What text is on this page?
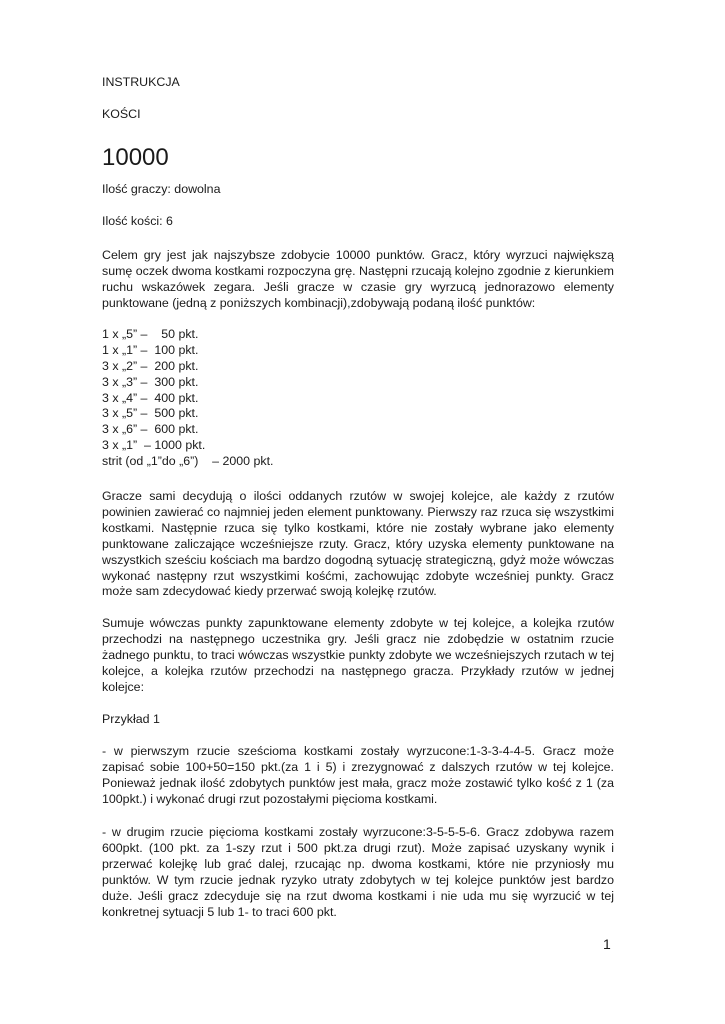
INSTRUKCJA
KOŚCI
10000
Ilość graczy: dowolna
Ilość kości: 6
Celem gry jest jak najszybsze zdobycie 10000 punktów. Gracz, który wyrzuci największą sumę oczek dwoma kostkami rozpoczyna grę. Następni rzucają kolejno zgodnie z kierunkiem ruchu wskazówek zegara. Jeśli gracze w czasie gry wyrzucą jednorazowo elementy punktowane (jedną z poniższych kombinacji),zdobywają podaną ilość punktów:
1 x „5” –    50 pkt.
1 x „1” –  100 pkt.
3 x „2” –  200 pkt.
3 x „3” –  300 pkt.
3 x „4” –  400 pkt.
3 x „5” –  500 pkt.
3 x „6” –  600 pkt.
3 x „1”  – 1000 pkt.
strit (od „1”do „6”)    – 2000 pkt.
Gracze sami decydują o ilości oddanych rzutów w swojej kolejce, ale każdy z rzutów powinien zawierać co najmniej jeden element punktowany. Pierwszy raz rzuca się wszystkimi kostkami. Następnie rzuca się tylko kostkami, które nie zostały wybrane jako elementy punktowane zaliczające wcześniejsze rzuty. Gracz, który uzyska elementy punktowane na wszystkich sześciu kościach ma bardzo dogodną sytuację strategiczną, gdyż może wówczas wykonać następny rzut wszystkimi kośćmi, zachowując zdobyte wcześniej punkty. Gracz może sam zdecydować kiedy przerwać swoją kolejkę rzutów.
Sumuje wówczas punkty zapunktowane elementy zdobyte w tej kolejce, a kolejka rzutów przechodzi na następnego uczestnika gry. Jeśli gracz nie zdobędzie w ostatnim rzucie żadnego punktu, to traci wówczas wszystkie punkty zdobyte we wcześniejszych rzutach w tej kolejce, a kolejka rzutów przechodzi na następnego gracza. Przykłady rzutów w jednej kolejce:
Przykład 1
- w pierwszym rzucie sześcioma kostkami zostały wyrzucone:1-3-3-4-4-5. Gracz może zapisać sobie 100+50=150 pkt.(za 1 i 5) i zrezygnować z dalszych rzutów w tej kolejce. Ponieważ jednak ilość zdobytych punktów jest mała, gracz może zostawić tylko kość z 1 (za 100pkt.) i wykonać drugi rzut pozostałymi pięcioma kostkami.
- w drugim rzucie pięcioma kostkami zostały wyrzucone:3-5-5-5-6. Gracz zdobywa razem 600pkt. (100 pkt. za 1-szy rzut i 500 pkt.za drugi rzut). Może zapisać uzyskany wynik i przerwać kolejkę lub grać dalej, rzucając np. dwoma kostkami, które nie przyniosły mu punktów. W tym rzucie jednak ryzyko utraty zdobytych w tej kolejce punktów jest bardzo duże. Jeśli gracz zdecyduje się na rzut dwoma kostkami i nie uda mu się wyrzucić w tej konkretnej sytuacji 5 lub 1- to traci 600 pkt.
1
